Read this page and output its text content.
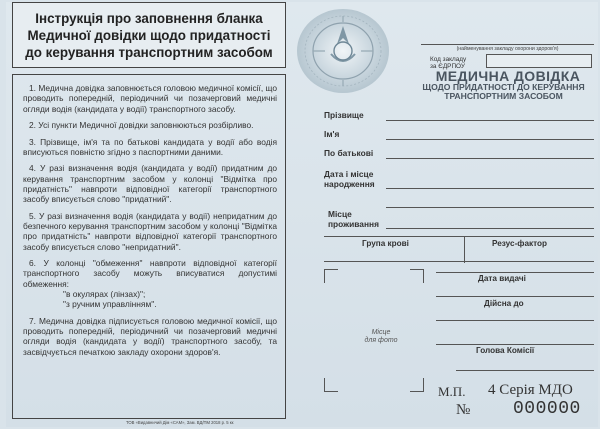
Інструкція про заповнення бланка
Медичної довідки щодо придатності
до керування транспортним засобом

1. Медична довідка заповнюється головою медичної комісії, що проводить попередній, періодичний чи позачерговий медичні огляди водія (кандидата у водії) транспортного засобу.

2. Усі пункти Медичної довідки заповнюються розбірливо.

3. Прізвище, ім'я та по батькові кандидата у водії або водія вписуються повністю згідно з паспортними даними.

4. У разі визначення водія (кандидата у водії) придатним до керування транспортним засобом у колонці "Відмітка про придатність" навпроти відповідної категорії транспортного засобу вписується слово "придатний".

5. У разі визначення водія (кандидата у водії) непридатним до безпечного керування транспортним засобом у колонці "Відмітка про придатність" навпроти відповідної категорії транспортного засобу вписується слово "непридатний".

6. У колонці "обмеження" навпроти відповідної категорії транспортного засобу можуть вписуватися допустимі обмеження:

"в окулярах (лінзах)";

"з ручним управлінням".

7. Медична довідка підписується головою медичної комісії, що проводить попередній, періодичний чи позачерговий медичні огляди водія (кандидата у водії) транспортного засобу, та засвідчується печаткою закладу охорони здоров'я.

ТОВ «Видавничий Дім «САМ», Зам. ВД/ПМ 2018 р. 5 кк
(найменування закладу охорони здоров'я)
Код закладу
за ЄДРПОУ
МЕДИЧНА ДОВІДКА
ЩОДО ПРИДАТНОСТІ ДО КЕРУВАННЯ
ТРАНСПОРТНИМ ЗАСОБОМ
Прізвище
Ім'я
По батькові
Дата і місце
народження
Місце
проживання
Група крові	Резус-фактор
Місце
для фото
Дата видачі
Дійсна до
Голова Комісії
М.П. 4 Серія МДО
№ 000000
